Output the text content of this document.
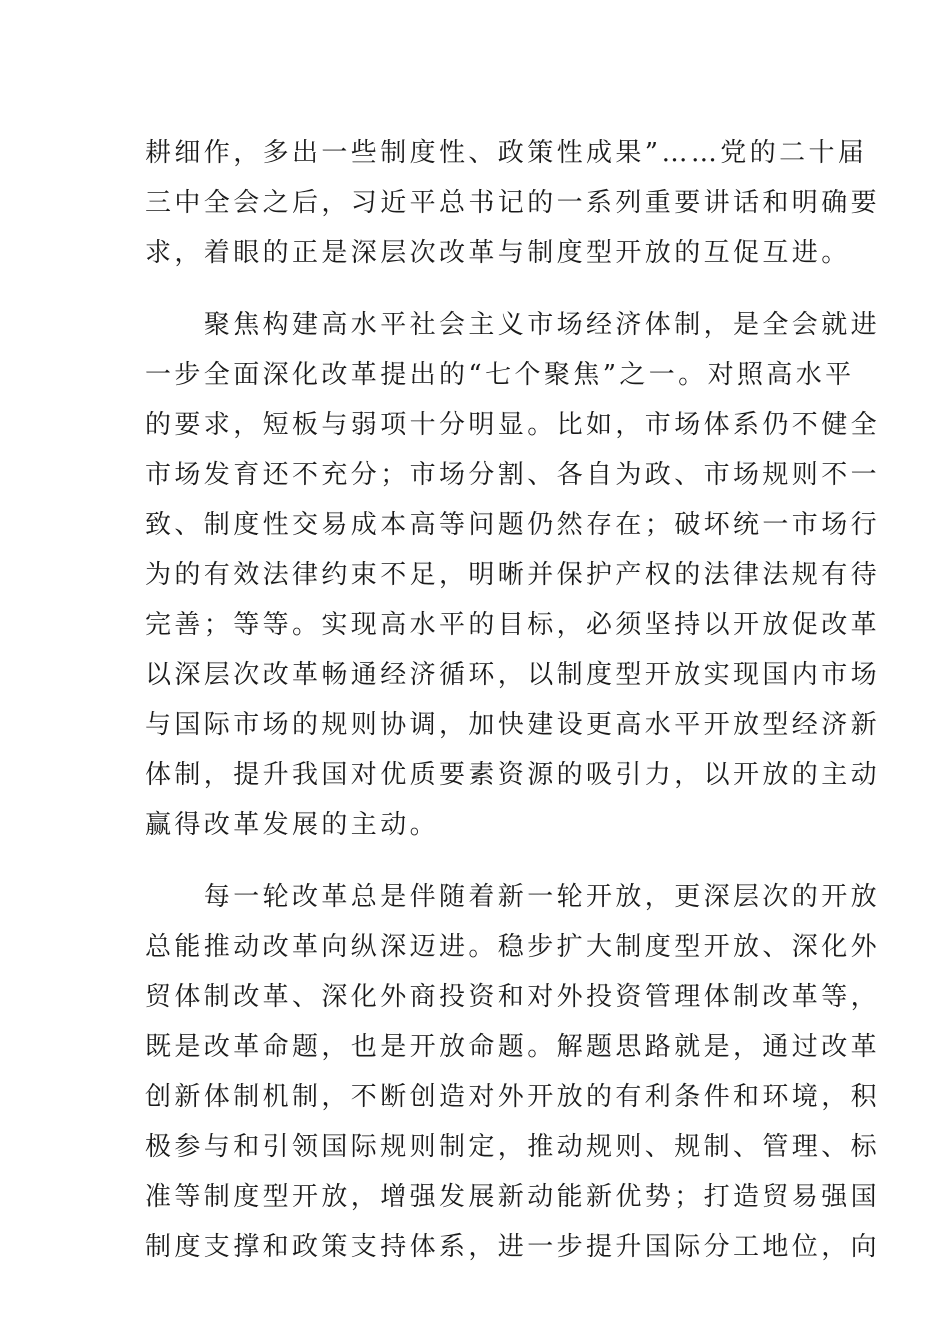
耕细作，多出一些制度性、政策性成果”……党的二十届
三中全会之后，习近平总书记的一系列重要讲话和明确要
求，着眼的正是深层次改革与制度型开放的互促互进。
　　聚焦构建高水平社会主义市场经济体制，是全会就进
一步全面深化改革提出的“七个聚焦”之一。对照高水平
的要求，短板与弱项十分明显。比如，市场体系仍不健全
市场发育还不充分；市场分割、各自为政、市场规则不一
致、制度性交易成本高等问题仍然存在；破坏统一市场行
为的有效法律约束不足，明晰并保护产权的法律法规有待
完善；等等。实现高水平的目标，必须坚持以开放促改革
以深层次改革畅通经济循环，以制度型开放实现国内市场
与国际市场的规则协调，加快建设更高水平开放型经济新
体制，提升我国对优质要素资源的吸引力，以开放的主动
赢得改革发展的主动。
　　每一轮改革总是伴随着新一轮开放，更深层次的开放
总能推动改革向纵深迈进。稳步扩大制度型开放、深化外
贸体制改革、深化外商投资和对外投资管理体制改革等，
既是改革命题，也是开放命题。解题思路就是，通过改革
创新体制机制，不断创造对外开放的有利条件和环境，积
极参与和引领国际规则制定，推动规则、规制、管理、标
准等制度型开放，增强发展新动能新优势；打造贸易强国
制度支撑和政策支持体系，进一步提升国际分工地位，向
